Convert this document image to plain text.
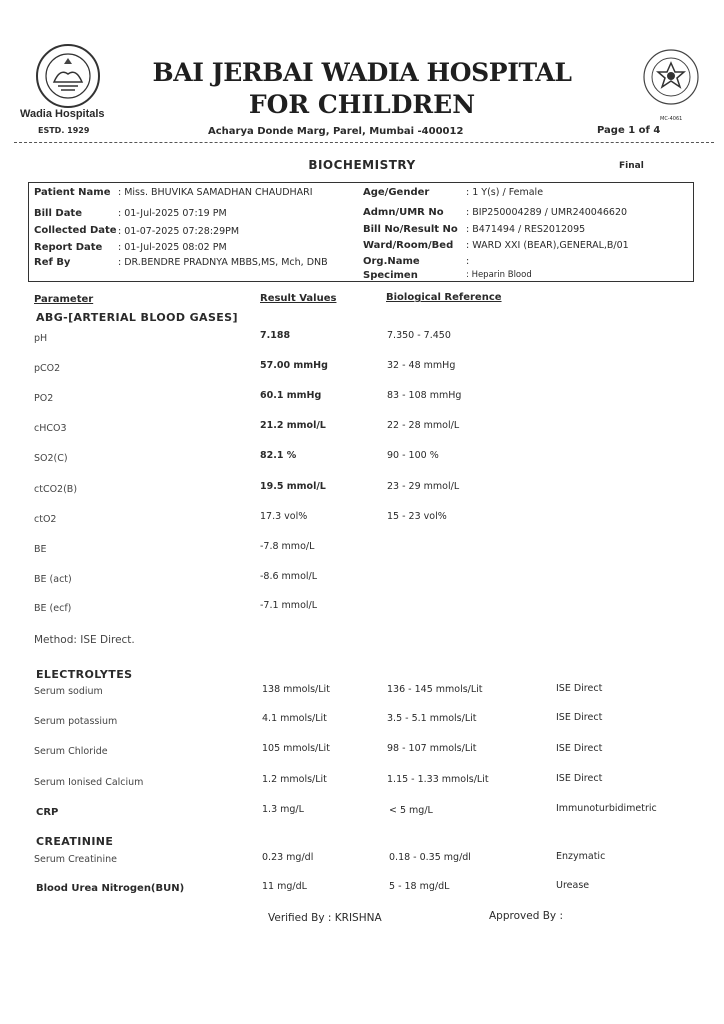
Wadia Hospitals
ESTD. 1929
MC-4061
BAI JERBAI WADIA HOSPITAL
FOR CHILDREN
Acharya Donde Marg, Parel, Mumbai -400012	Page 1 of 4
BIOCHEMISTRY	Final
Patient Name : Miss. BHUVIKA SAMADHAN CHAUDHARI
Bill Date	: 01-Jul-2025 07:19 PM
Collected Date : 01-07-2025 07:28:29PM
Report Date : 01-Jul-2025 08:02 PM
Ref By	: DR.BENDRE PRADNYA MBBS,MS, Mch, DNB
Age/Gender	: 1 Y(s) / Female
Admn/UMR No : BIP250004289 / UMR240046620
Bill No/Result No : B471494 / RES2012095
Ward/Room/Bed : WARD XXI (BEAR),GENERAL,B/01
Org.Name	:
Specimen	: Heparin Blood
Parameter	Result Values	Biological Reference
ABG-[ARTERIAL BLOOD GASES]
pH	7.188	7.350 - 7.450
pCO2	57.00 mmHg	32 - 48 mmHg
PO2	60.1 mmHg	83 - 108 mmHg
cHCO3	21.2 mmol/L	22 - 28 mmol/L
SO2(C)	82.1 %	90 - 100 %
ctCO2(B)	19.5 mmol/L	23 - 29 mmol/L
ctO2	17.3 vol%	15 - 23 vol%
BE	-7.8 mmo/L
BE (act)	-8.6 mmol/L
BE (ecf)	-7.1 mmol/L
Method: ISE Direct.
ELECTROLYTES
Serum sodium	138 mmols/Lit	136 - 145 mmols/Lit	ISE Direct
Serum potassium	4.1 mmols/Lit	3.5 - 5.1 mmols/Lit	ISE Direct
Serum Chloride	105 mmols/Lit	98 - 107 mmols/Lit	ISE Direct
Serum Ionised Calcium	1.2 mmols/Lit	1.15 - 1.33 mmols/Lit	ISE Direct
CRP	1.3 mg/L	< 5 mg/L	Immunoturbidimetric
CREATININE
Serum Creatinine	0.23 mg/dl	0.18 - 0.35 mg/dl	Enzymatic
Blood Urea Nitrogen(BUN)	11 mg/dL	5 - 18 mg/dL	Urease
Verified By : KRISHNA	Approved By :
